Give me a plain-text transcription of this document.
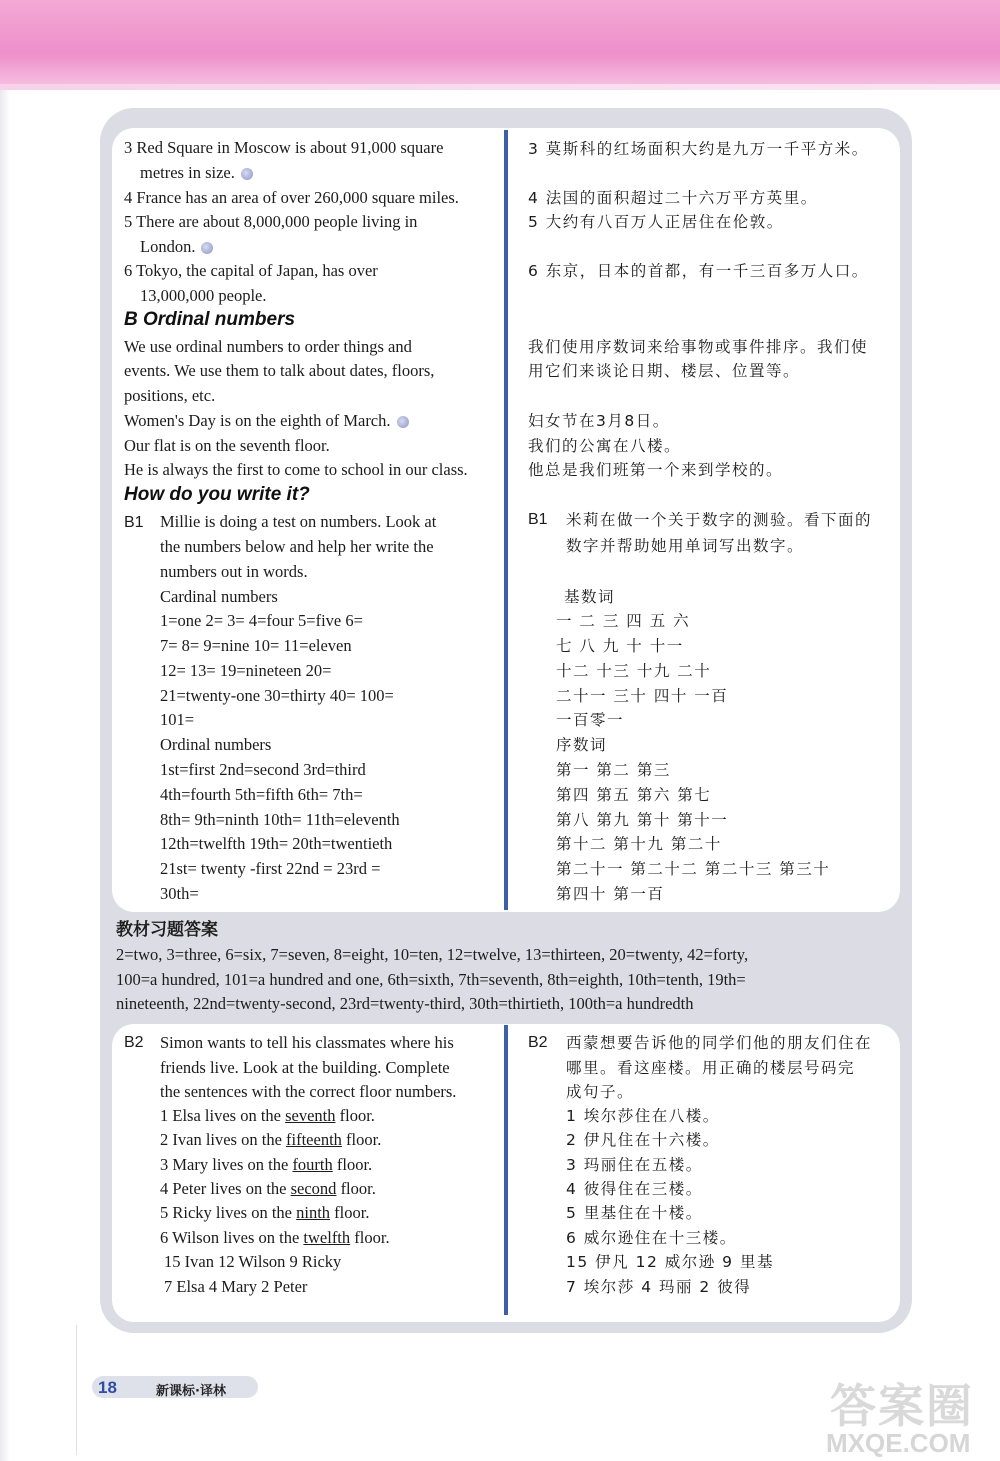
3 Red Square in Moscow is about 91,000 square
metres in size.
4 France has an area of over 260,000 square miles.
5 There are about 8,000,000 people living in
London.
6 Tokyo, the capital of Japan, has over
13,000,000 people.
3 莫斯科的红场面积大约是九万一千平方米。
4 法国的面积超过二十六万平方英里。
5 大约有八百万人正居住在伦敦。
6 东京，日本的首都，有一千三百多万人口。
B Ordinal numbers
We use ordinal numbers to order things and
events. We use them to talk about dates, floors,
positions, etc.
Women's Day is on the eighth of March.
Our flat is on the seventh floor.
He is always the first to come to school in our class.
我们使用序数词来给事物或事件排序。我们使
用它们来谈论日期、楼层、位置等。
妇女节在3月8日。
我们的公寓在八楼。
他总是我们班第一个来到学校的。
How do you write it?
B1 Millie is doing a test on numbers. Look at
the numbers below and help her write the
numbers out in words.
Cardinal numbers
1=one 2= 3= 4=four 5=five 6=
7= 8= 9=nine 10= 11=eleven
12= 13= 19=nineteen 20=
21=twenty-one 30=thirty 40= 100=
101=
Ordinal numbers
1st=first 2nd=second 3rd=third
4th=fourth 5th=fifth 6th= 7th=
8th= 9th=ninth 10th= 11th=eleventh
12th=twelfth 19th= 20th=twentieth
21st= twenty -first 22nd = 23rd =
30th=
B1 米莉在做一个关于数字的测验。看下面的
数字并帮助她用单词写出数字。
基数词
一 二 三 四 五 六
七 八 九 十 十一
十二 十三 十九 二十
二十一 三十 四十 一百
一百零一
序数词
第一 第二 第三
第四 第五 第六 第七
第八 第九 第十 第十一
第十二 第十九 第二十
第二十一 第二十二 第二十三 第三十
第四十 第一百
教材习题答案
2=two, 3=three, 6=six, 7=seven, 8=eight, 10=ten, 12=twelve, 13=thirteen, 20=twenty, 42=forty,
100=a hundred, 101=a hundred and one, 6th=sixth, 7th=seventh, 8th=eighth, 10th=tenth, 19th=
nineteenth, 22nd=twenty-second, 23rd=twenty-third, 30th=thirtieth, 100th=a hundredth
B2 Simon wants to tell his classmates where his
friends live. Look at the building. Complete
the sentences with the correct floor numbers.
1 Elsa lives on the seventh floor.
2 Ivan lives on the fifteenth floor.
3 Mary lives on the fourth floor.
4 Peter lives on the second floor.
5 Ricky lives on the ninth floor.
6 Wilson lives on the twelfth floor.
15 Ivan 12 Wilson 9 Ricky
7 Elsa 4 Mary 2 Peter
B2 西蒙想要告诉他的同学们他的朋友们住在
哪里。看这座楼。用正确的楼层号码完
成句子。
1 埃尔莎住在八楼。
2 伊凡住在十六楼。
3 玛丽住在五楼。
4 彼得住在三楼。
5 里基住在十楼。
6 威尔逊住在十三楼。
15 伊凡 12 威尔逊 9 里基
7 埃尔莎 4 玛丽 2 彼得
18	新课标·译林	答案圈
MXQE.COM
